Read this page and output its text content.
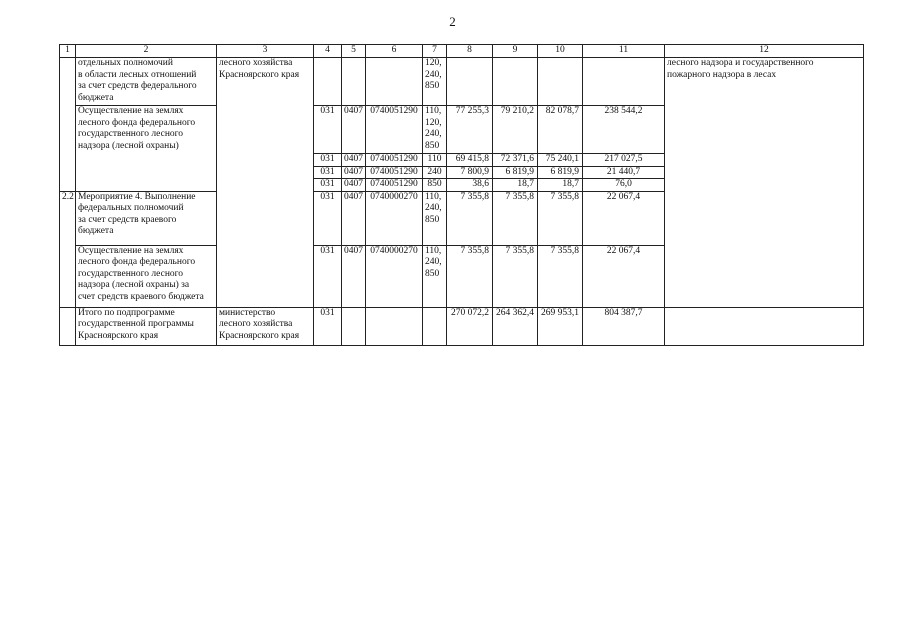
2
1	2	3	4	5	6	7	8	9	10	11	12
	отдельных полномочий
в области лесных отношений
за счет средств федерального бюджета	лесного хозяйства
Красноярского края				120,
240,
850					лесного надзора и государственного
пожарного надзора в лесах
	Осуществление на землях
лесного фонда федерального
государственного лесного
надзора (лесной охраны)		031	0407	0740051290	110,
120,
240,
850	77 255,3	79 210,2	82 078,7	238 544,2	
			031	0407	0740051290	110	69 415,8	72 371,6	75 240,1	217 027,5	
			031	0407	0740051290	240	7 800,9	6 819,9	6 819,9	21 440,7	
			031	0407	0740051290	850	38,6	18,7	18,7	76,0	
2.2	Мероприятие 4. Выполнение
федеральных полномочий
за счет средств краевого
бюджета		031	0407	0740000270	110,
240,
850	7 355,8	7 355,8	7 355,8	22 067,4	
	Осуществление на землях
лесного фонда федерального
государственного лесного
надзора (лесной охраны) за
счет средств краевого бюджета		031	0407	0740000270	110,
240,
850	7 355,8	7 355,8	7 355,8	22 067,4	
	Итого по подпрограмме
государственной программы
Красноярского края	министерство
лесного хозяйства
Красноярского края	031				270 072,2	264 362,4	269 953,1	804 387,7	
